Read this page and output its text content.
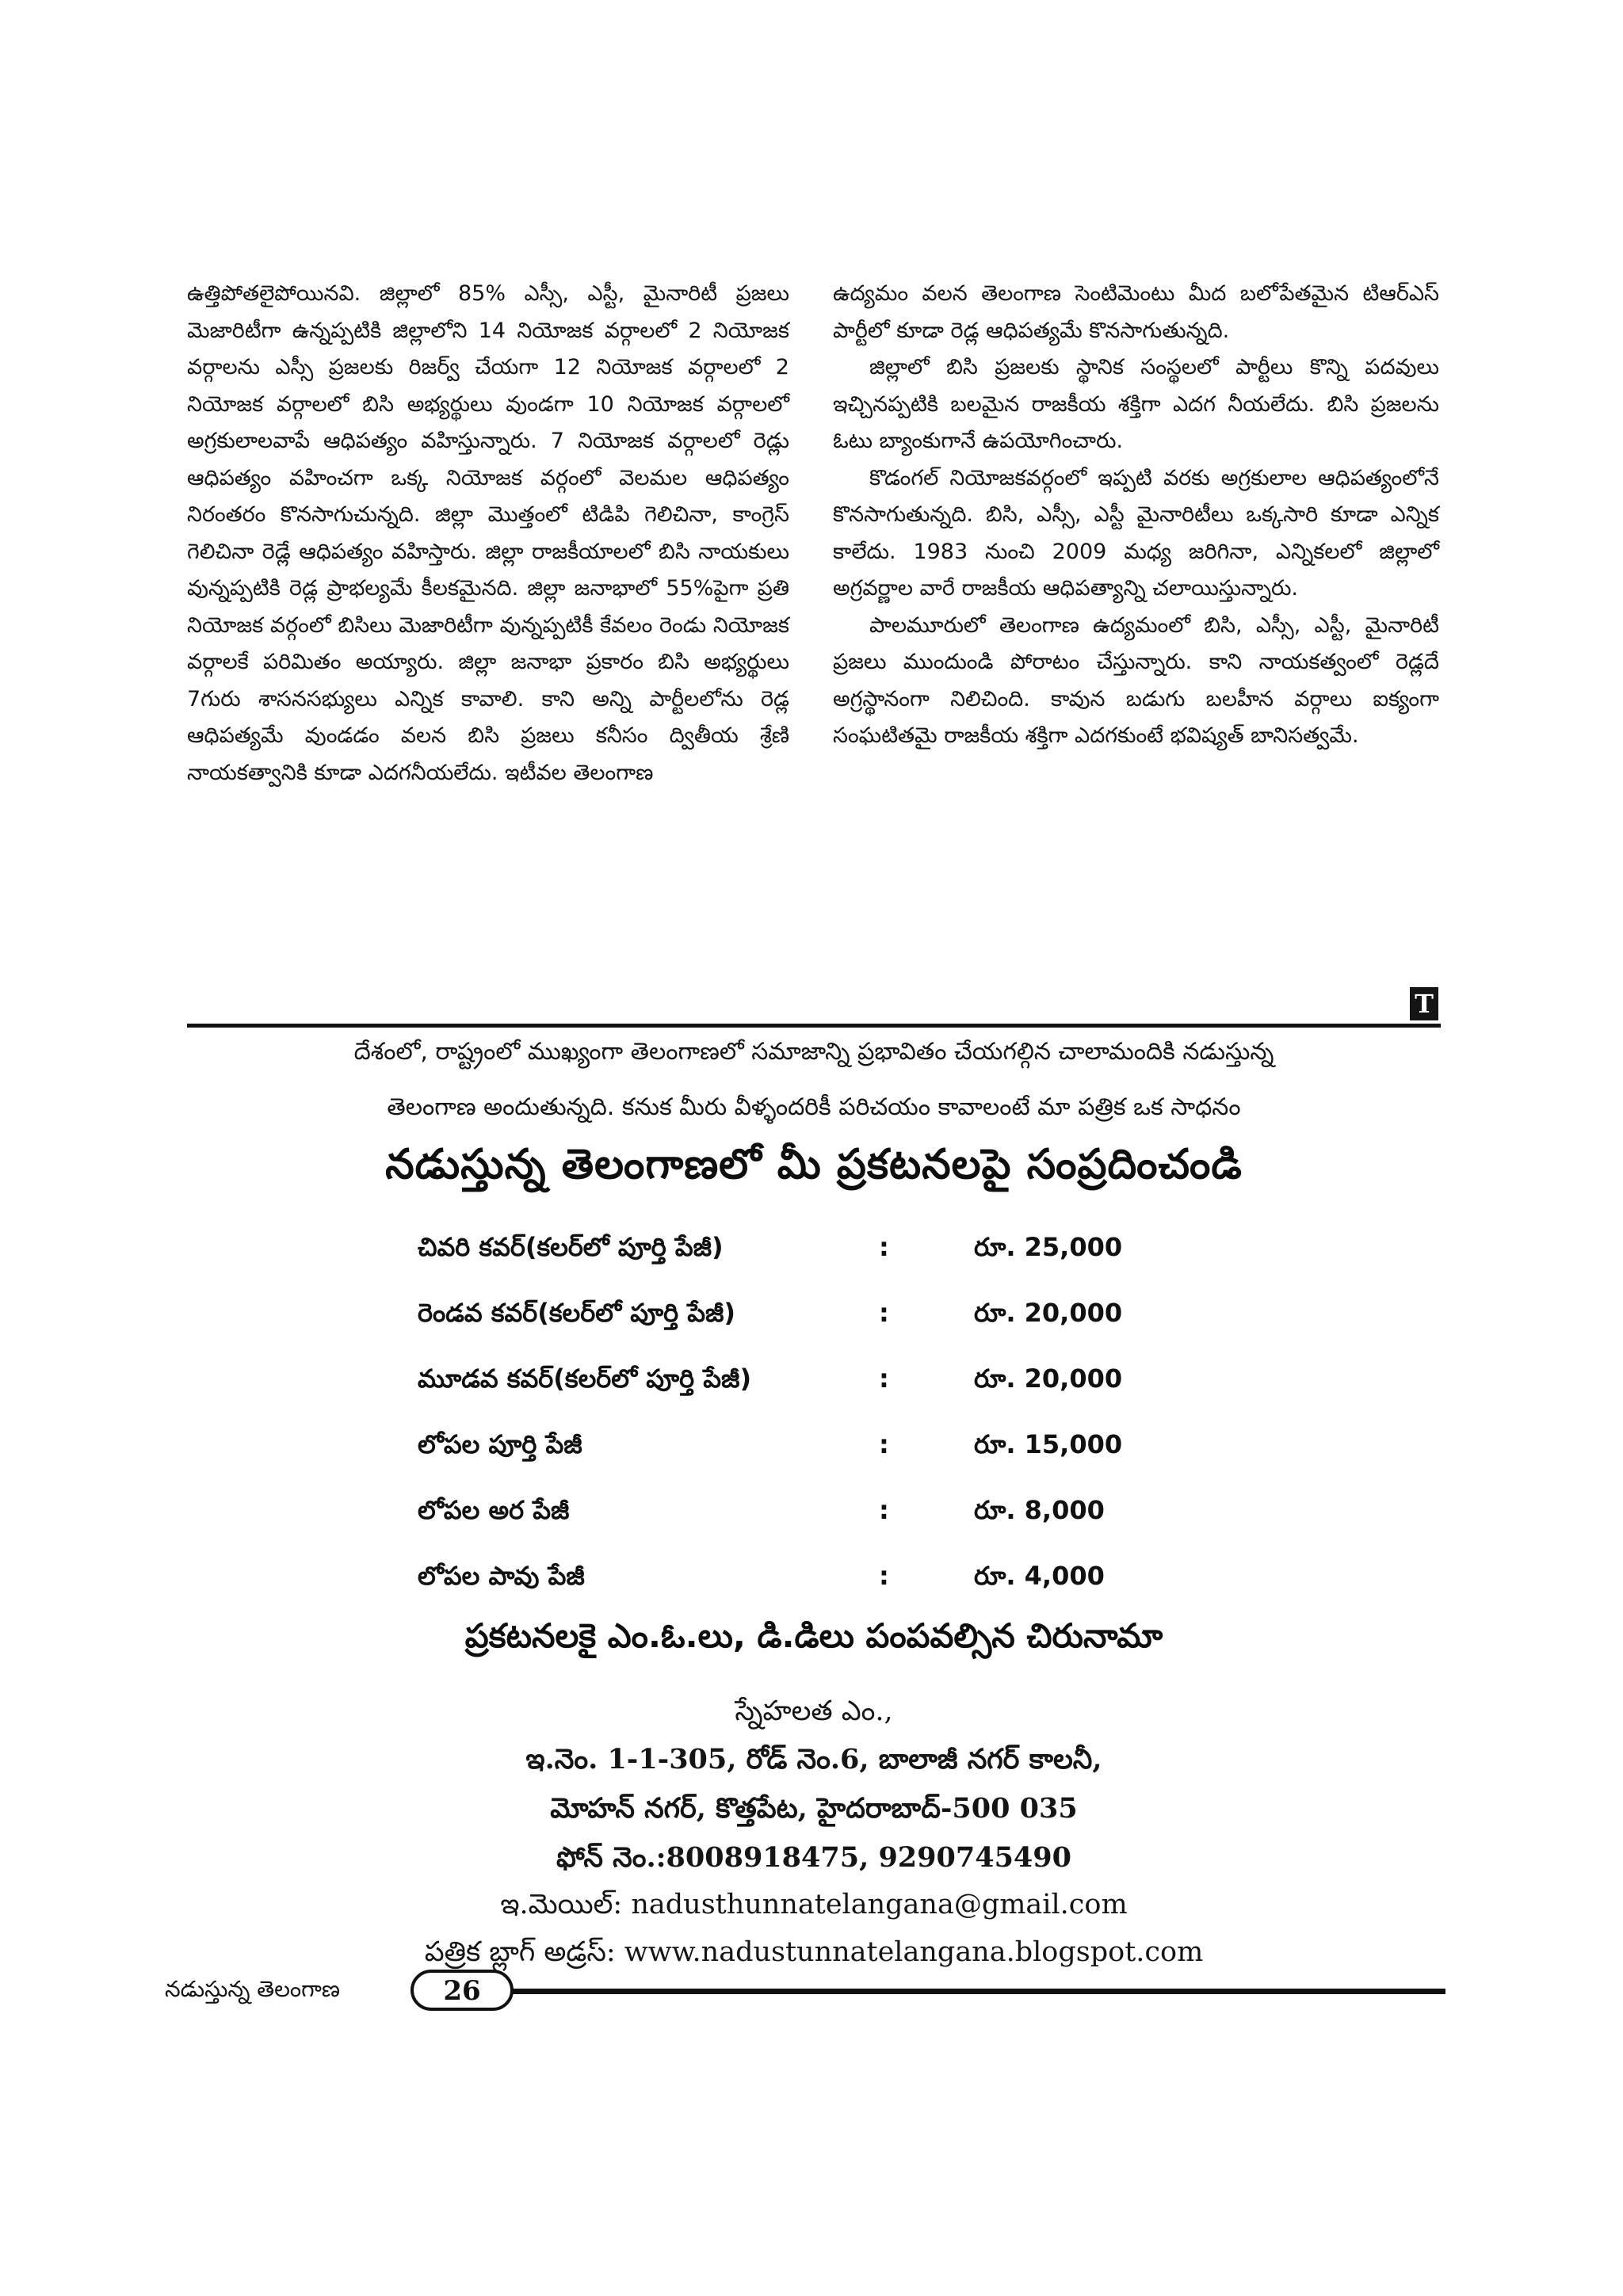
ఉత్తిపోతలైపోయినవి. జిల్లాలో 85% ఎస్సీ, ఎస్టీ, మైనారిటీ ప్రజలు మెజారిటీగా ఉన్నప్పటికి జిల్లాలోని 14 నియోజక వర్గాలలో 2 నియోజక వర్గాలను ఎస్సీ ప్రజలకు రిజర్వ్ చేయగా 12 నియోజక వర్గాలలో 2 నియోజక వర్గాలలో బిసి అభ్యర్థులు వుండగా 10 నియోజక వర్గాలలో అగ్రకులాలవాపే ఆధిపత్యం వహిస్తున్నారు. 7 నియోజక వర్గాలలో రెడ్లు ఆధిపత్యం వహించగా ఒక్క నియోజక వర్గంలో వెలమల ఆధిపత్యం నిరంతరం కొనసాగుచున్నది. జిల్లా మొత్తంలో టిడిపి గెలిచినా, కాంగ్రెస్ గెలిచినా రెడ్లే ఆధిపత్యం వహిస్తారు. జిల్లా రాజకీయాలలో బిసి నాయకులు వున్నప్పటికి రెడ్ల ప్రాభల్యమే కీలకమైనది. జిల్లా జనాభాలో 55%పైగా ప్రతి నియోజక వర్గంలో బిసిలు మెజారిటీగా వున్నప్పటికీ కేవలం రెండు నియోజక వర్గాలకే పరిమితం అయ్యారు. జిల్లా జనాభా ప్రకారం బిసి అభ్యర్థులు 7గురు శాసనసభ్యులు ఎన్నిక కావాలి. కాని అన్ని పార్టీలలోను రెడ్ల ఆధిపత్యమే వుండడం వలన బిసి ప్రజలు కనీసం ద్వితీయ శ్రేణి నాయకత్వానికి కూడా ఎదగనీయలేదు. ఇటీవల తెలంగాణ

ఉద్యమం వలన తెలంగాణ సెంటిమెంటు మీద బలోపేతమైన టిఆర్ఎస్ పార్టీలో కూడా రెడ్ల ఆధిపత్యమే కొనసాగుతున్నది.

జిల్లాలో బిసి ప్రజలకు స్థానిక సంస్థలలో పార్టీలు కొన్ని పదవులు ఇచ్చినప్పటికి బలమైన రాజకీయ శక్తిగా ఎదగ నీయలేదు. బిసి ప్రజలను ఓటు బ్యాంకుగానే ఉపయోగించారు.

కొడంగల్ నియోజకవర్గంలో ఇప్పటి వరకు అగ్రకులాల ఆధిపత్యంలోనే కొనసాగుతున్నది. బిసి, ఎస్సీ, ఎస్టీ మైనారిటీలు ఒక్కసారి కూడా ఎన్నిక కాలేదు. 1983 నుంచి 2009 మధ్య జరిగినా, ఎన్నికలలో జిల్లాలో అగ్రవర్ణాల వారే రాజకీయ ఆధిపత్యాన్ని చలాయిస్తున్నారు.

పాలమూరులో తెలంగాణ ఉద్యమంలో బిసి, ఎస్సీ, ఎస్టీ, మైనారిటీ ప్రజలు ముందుండి పోరాటం చేస్తున్నారు. కాని నాయకత్వంలో రెడ్లదే అగ్రస్థానంగా నిలిచింది. కావున బడుగు బలహీన వర్గాలు ఐక్యంగా సంఘటితమై రాజకీయ శక్తిగా ఎదగకుంటే భవిష్యత్ బానిసత్వమే.

T
దేశంలో, రాష్ట్రంలో ముఖ్యంగా తెలంగాణలో సమాజాన్ని ప్రభావితం చేయగల్గిన చాలామందికి నడుస్తున్న
తెలంగాణ అందుతున్నది. కనుక మీరు వీళ్ళందరికీ పరిచయం కావాలంటే మా పత్రిక ఒక సాధనం
నడుస్తున్న తెలంగాణలో మీ ప్రకటనలపై సంప్రదించండి
చివరి కవర్(కలర్‌లో పూర్తి పేజీ)	:	రూ. 25,000
రెండవ కవర్(కలర్‌లో పూర్తి పేజీ)	:	రూ. 20,000
మూడవ కవర్(కలర్‌లో పూర్తి పేజీ)	:	రూ. 20,000
లోపల పూర్తి పేజీ	:	రూ. 15,000
లోపల అర పేజీ	:	రూ. 8,000
లోపల పావు పేజీ	:	రూ. 4,000
ప్రకటనలకై ఎం.ఓ.లు, డి.డిలు పంపవల్సిన చిరునామా
స్నేహలత ఎం.,
ఇ.నెం. 1-1-305, రోడ్ నెం.6, బాలాజీ నగర్ కాలనీ,
మోహన్ నగర్, కొత్తపేట, హైదరాబాద్-500 035
ఫోన్ నెం.:8008918475, 9290745490
ఇ.మెయిల్: nadusthunnatelangana@gmail.com
పత్రిక బ్లాగ్ అడ్రస్: www.nadustunnatelangana.blogspot.com
నడుస్తున్న తెలంగాణ	26
